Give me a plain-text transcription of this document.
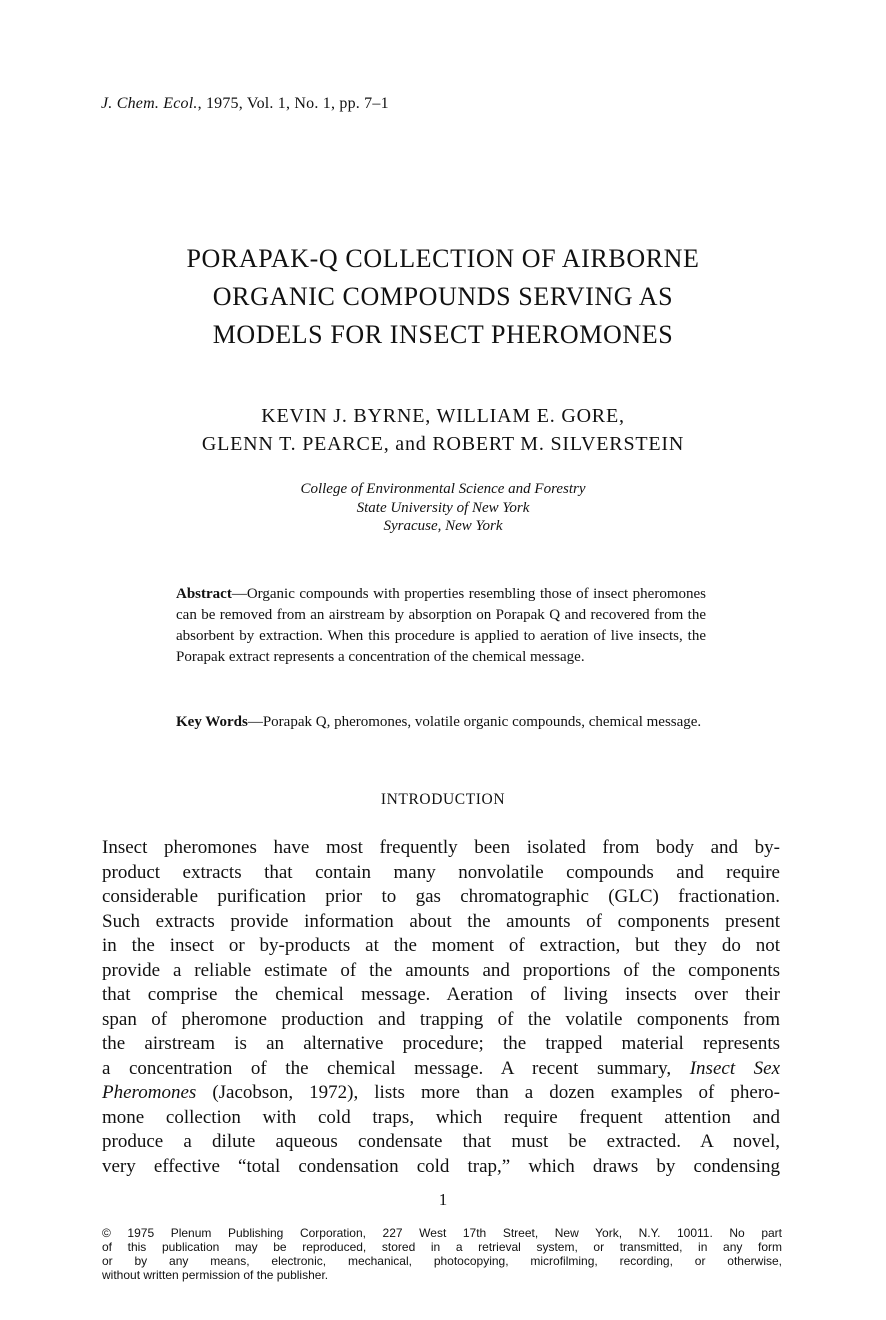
J. Chem. Ecol., 1975, Vol. 1, No. 1, pp. 7–1
PORAPAK-Q COLLECTION OF AIRBORNE
ORGANIC COMPOUNDS SERVING AS
MODELS FOR INSECT PHEROMONES
KEVIN J. BYRNE, WILLIAM E. GORE,
GLENN T. PEARCE, and ROBERT M. SILVERSTEIN
College of Environmental Science and Forestry
State University of New York
Syracuse, New York
Abstract—Organic compounds with properties resembling those of insect pheromones can be removed from an airstream by absorption on Porapak Q and recovered from the absorbent by extraction. When this procedure is applied to aeration of live insects, the Porapak extract represents a concentration of the chemical message.
Key Words—Porapak Q, pheromones, volatile organic compounds, chemical message.
INTRODUCTION
Insect pheromones have most frequently been isolated from body and by-
product extracts that contain many nonvolatile compounds and require
considerable purification prior to gas chromatographic (GLC) fractionation.
Such extracts provide information about the amounts of components present
in the insect or by-products at the moment of extraction, but they do not
provide a reliable estimate of the amounts and proportions of the components
that comprise the chemical message. Aeration of living insects over their
span of pheromone production and trapping of the volatile components from
the airstream is an alternative procedure; the trapped material represents
a concentration of the chemical message. A recent summary, Insect Sex
Pheromones (Jacobson, 1972), lists more than a dozen examples of phero-
mone collection with cold traps, which require frequent attention and
produce a dilute aqueous condensate that must be extracted. A novel,
very effective “total condensation cold trap,” which draws by condensing
1
© 1975 Plenum Publishing Corporation, 227 West 17th Street, New York, N.Y. 10011. No part
of this publication may be reproduced, stored in a retrieval system, or transmitted, in any form
or by any means, electronic, mechanical, photocopying, microfilming, recording, or otherwise,
without written permission of the publisher.
